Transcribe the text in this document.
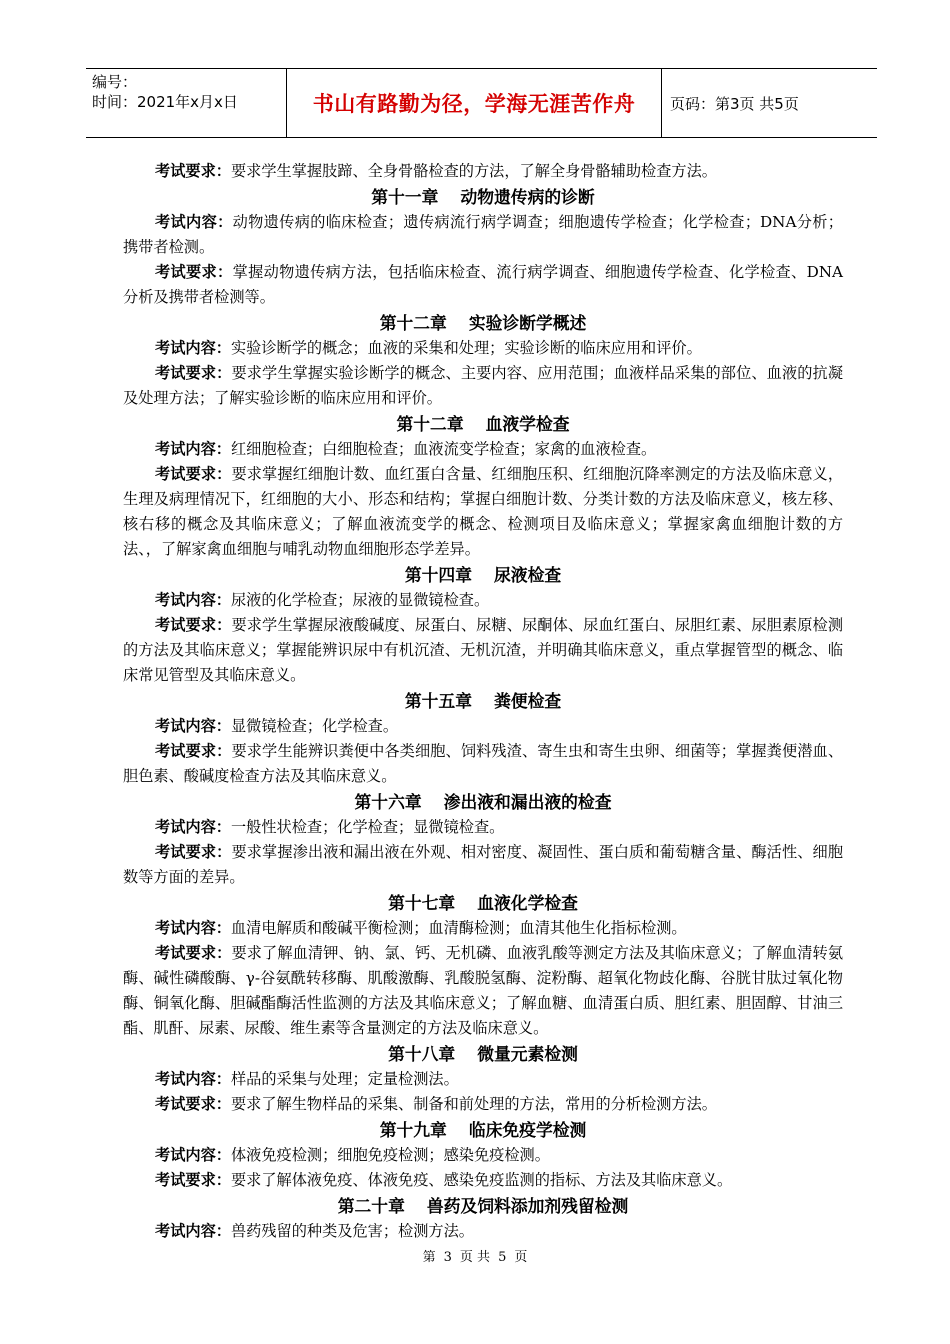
编号：
时间：2021年x月x日	书山有路勤为径，学海无涯苦作舟 页码：第3页 共5页

考试要求：要求学生掌握肢蹄、全身骨骼检查的方法，了解全身骨骼辅助检查方法。

第十一章 动物遗传病的诊断

考试内容：动物遗传病的临床检查；遗传病流行病学调查；细胞遗传学检查；化学检查；DNA分析；携带者检测。

考试要求：掌握动物遗传病方法，包括临床检查、流行病学调查、细胞遗传学检查、化学检查、DNA分析及携带者检测等。

第十二章 实验诊断学概述

考试内容：实验诊断学的概念；血液的采集和处理；实验诊断的临床应用和评价。

考试要求：要求学生掌握实验诊断学的概念、主要内容、应用范围；血液样品采集的部位、血液的抗凝及处理方法；了解实验诊断的临床应用和评价。

第十二章 血液学检查

考试内容：红细胞检查；白细胞检查；血液流变学检查；家禽的血液检查。

考试要求：要求掌握红细胞计数、血红蛋白含量、红细胞压积、红细胞沉降率测定的方法及临床意义，生理及病理情况下，红细胞的大小、形态和结构；掌握白细胞计数、分类计数的方法及临床意义，核左移、核右移的概念及其临床意义；了解血液流变学的概念、检测项目及临床意义；掌握家禽血细胞计数的方法、，了解家禽血细胞与哺乳动物血细胞形态学差异。

第十四章 尿液检查

考试内容：尿液的化学检查；尿液的显微镜检查。

考试要求：要求学生掌握尿液酸碱度、尿蛋白、尿糖、尿酮体、尿血红蛋白、尿胆红素、尿胆素原检测的方法及其临床意义；掌握能辨识尿中有机沉渣、无机沉渣，并明确其临床意义，重点掌握管型的概念、临床常见管型及其临床意义。

第十五章 粪便检查

考试内容：显微镜检查；化学检查。

考试要求：要求学生能辨识粪便中各类细胞、饲料残渣、寄生虫和寄生虫卵、细菌等；掌握粪便潜血、胆色素、酸碱度检查方法及其临床意义。

第十六章 渗出液和漏出液的检查

考试内容：一般性状检查；化学检查；显微镜检查。

考试要求：要求掌握渗出液和漏出液在外观、相对密度、凝固性、蛋白质和葡萄糖含量、酶活性、细胞数等方面的差异。

第十七章 血液化学检查

考试内容：血清电解质和酸碱平衡检测；血清酶检测；血清其他生化指标检测。

考试要求：要求了解血清钾、钠、氯、钙、无机磷、血液乳酸等测定方法及其临床意义；了解血清转氨酶、碱性磷酸酶、γ-谷氨酰转移酶、肌酸激酶、乳酸脱氢酶、淀粉酶、超氧化物歧化酶、谷胱甘肽过氧化物酶、铜氧化酶、胆碱酯酶活性监测的方法及其临床意义；了解血糖、血清蛋白质、胆红素、胆固醇、甘油三酯、肌酐、尿素、尿酸、维生素等含量测定的方法及临床意义。

第十八章 微量元素检测

考试内容：样品的采集与处理；定量检测法。

考试要求：要求了解生物样品的采集、制备和前处理的方法，常用的分析检测方法。

第十九章 临床免疫学检测

考试内容：体液免疫检测；细胞免疫检测；感染免疫检测。

考试要求：要求了解体液免疫、体液免疫、感染免疫监测的指标、方法及其临床意义。

第二十章 兽药及饲料添加剂残留检测

考试内容：兽药残留的种类及危害；检测方法。

第 3 页 共 5 页
